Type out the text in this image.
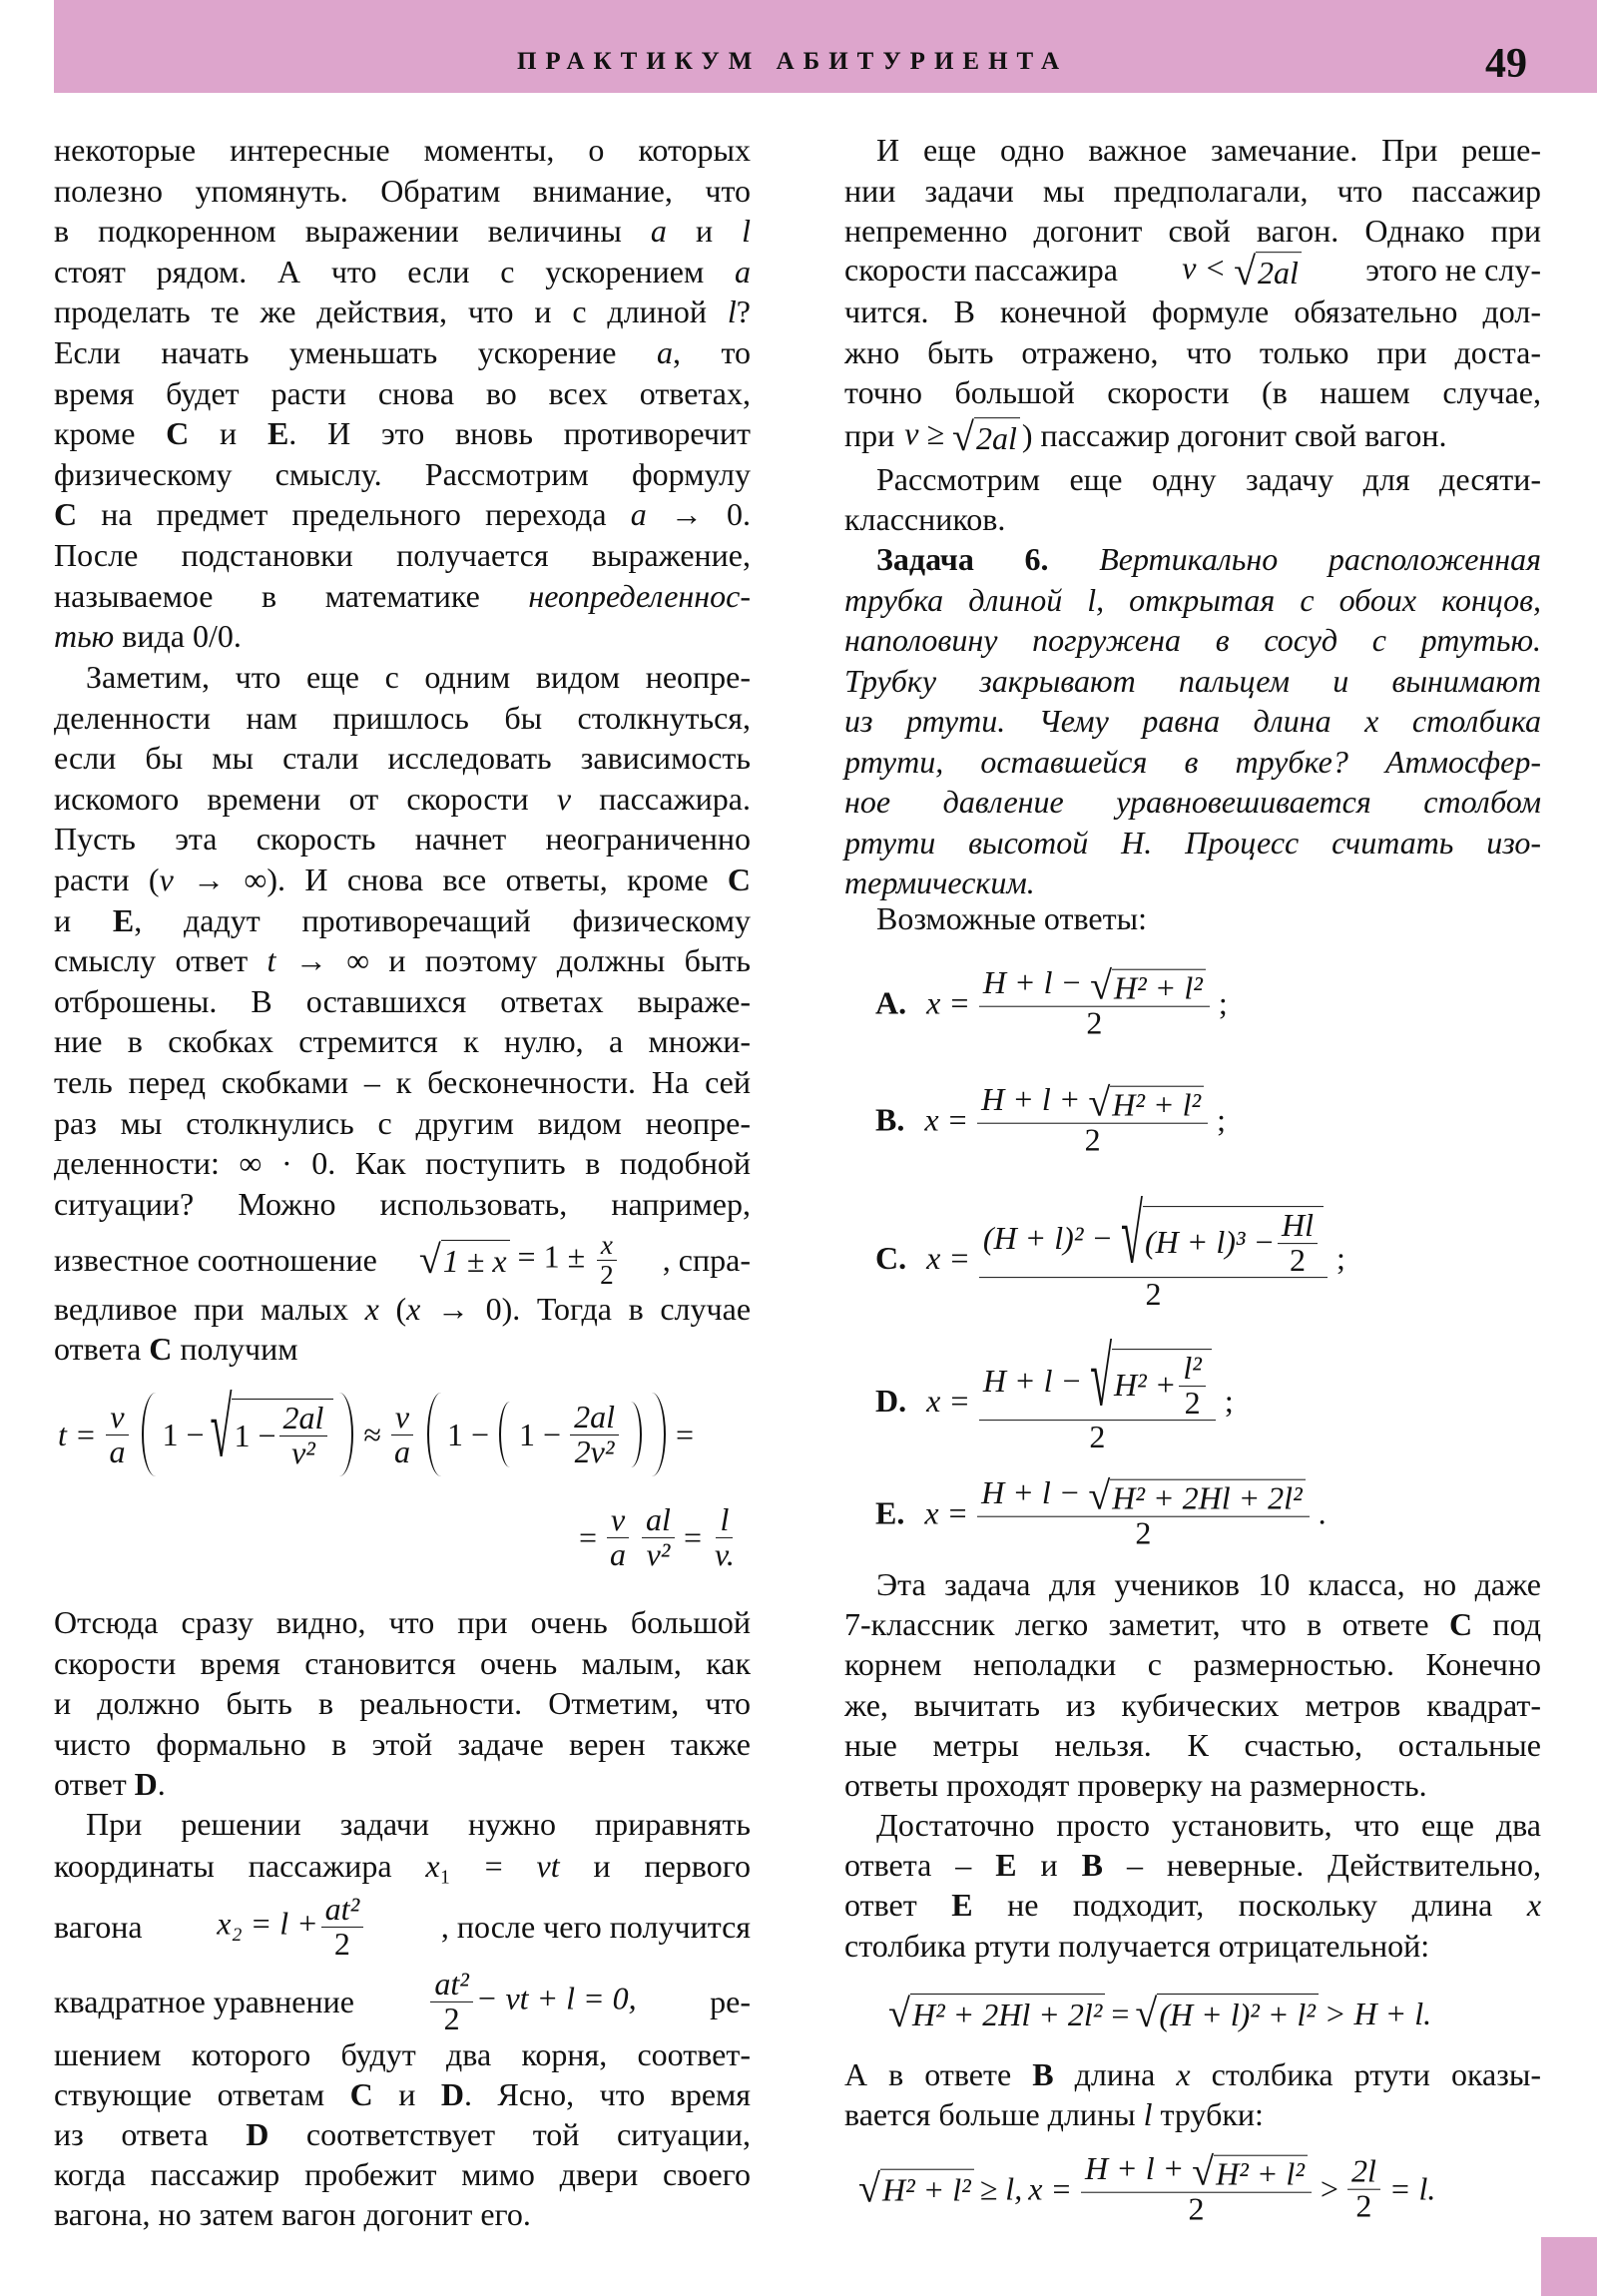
ПРАКТИКУМ АБИТУРИЕНТА	49
некоторые интересные моменты, о которых
полезно упомянуть. Обратим внимание, что
в подкоренном выражении величины a и l
стоят рядом. А что если с ускорением a
проделать те же действия, что и с длиной l?
Если начать уменьшать ускорение a, то
время будет расти снова во всех ответах,
кроме C и E. И это вновь противоречит
физическому смыслу. Рассмотрим формулу
C на предмет предельного перехода a → 0.
После подстановки получается выражение,
называемое в математике неопределеннос-
тью вида 0/0.
Заметим, что еще с одним видом неопре-
деленности нам пришлось бы столкнуться,
если бы мы стали исследовать зависимость
искомого времени от скорости v пассажира.
Пусть эта скорость начнет неограниченно
расти (v → ∞). И снова все ответы, кроме C
и E, дадут противоречащий физическому
смыслу ответ t → ∞ и поэтому должны быть
отброшены. В оставшихся ответах выраже-
ние в скобках стремится к нулю, а множи-
тель перед скобками – к бесконечности. На сей
раз мы столкнулись с другим видом неопре-
деленности: ∞ · 0. Как поступить в подобной
ситуации? Можно использовать, например,
известное соотношение √ $1 \pm x = 1 \pm \frac{x}{2}$ , спра-
ведливое при малых x (x → 0). Тогда в случае
ответа C получим
$t = \frac{v}{a} 1$ − √ $1 - \frac{2al}{\text{v²}} \approx \frac{v}{a} 1 - 1 - \frac{2al}{\text{2v²}}$ =
= $\frac{v}{a} \frac{al}{\text{v²}} = \frac{l}{v.}$
Отсюда сразу видно, что при очень большой
скорости время становится очень малым, как
и должно быть в реальности. Отметим, что
чисто формально в этой задаче верен также
ответ D.
При решении задачи нужно приравнять
координаты пассажира x₁ = vt и первого
вагона $x_2 = l + \frac{\text{at²}}{2}$ , после чего получится
квадратное уравнение $\frac{\text{at²}}{2}$ − vt + l = 0, ре-
шением которого будут два корня, соответ-
ствующие ответам C и D. Ясно, что время
из ответа D соответствует той ситуации,
когда пассажир пробежит мимо двери своего
вагона, но затем вагон догонит его.
И еще одно важное замечание. При реше-
нии задачи мы предполагали, что пассажир
непременно догонит свой вагон. Однако при
скорости пассажира v < √ 2al этого не слу-
чится. В конечной формуле обязательно дол-
жно быть отражено, что только при доста-
точно большой скорости (в нашем случае,
при v ≥ √ 2al ) пассажир догонит свой вагон.
Рассмотрим еще одну задачу для десяти-
классников.
Задача 6. Вертикально расположенная
трубка длиной l, открытая с обоих концов,
наполовину погружена в сосуд с ртутью.
Трубку закрывают пальцем и вынимают
из ртути. Чему равна длина x столбика
ртути, оставшейся в трубке? Атмосфер-
ное давление уравновешивается столбом
ртути высотой H. Процесс считать изо-
термическим.
Возможные ответы:
A. $x = \frac{\text{H + l − √ H² + l²}}{2}$ ;
B. $x = \frac{\text{H + l + √ H² + l²}}{2}$ ;
C. $x = \frac{(H + l)^2 - √ (H + l)^3 - \frac{Hl}{2}}{2}$ ;
D. $x = \frac{H + l - √ H^2 + \frac{\text{l²}}{2}}{2}$ ;
E. $x = \frac{\text{H + l − √ H² + 2Hl + 2l²}}{2}$ .
Эта задача для учеников 10 класса, но даже
7-классник легко заметит, что в ответе C под
корнем неполадки с размерностью. Конечно
же, вычитать из кубических метров квадрат-
ные метры нельзя. К счастью, остальные
ответы проходят проверку на размерность.
Достаточно просто установить, что еще два
ответа – E и B – неверные. Действительно,
ответ E не подходит, поскольку длина x
столбика ртути получается отрицательной:
√ H² + 2Hl + 2l² = √ (H + l)² + l² > H + l.
А в ответе B длина x столбика ртути оказы-
вается больше длины l трубки:
√ H² + l² ≥ l, $x = \frac{\text{H + l + √ H² + l²}}{2} > \frac{2l}{2} = l$.
